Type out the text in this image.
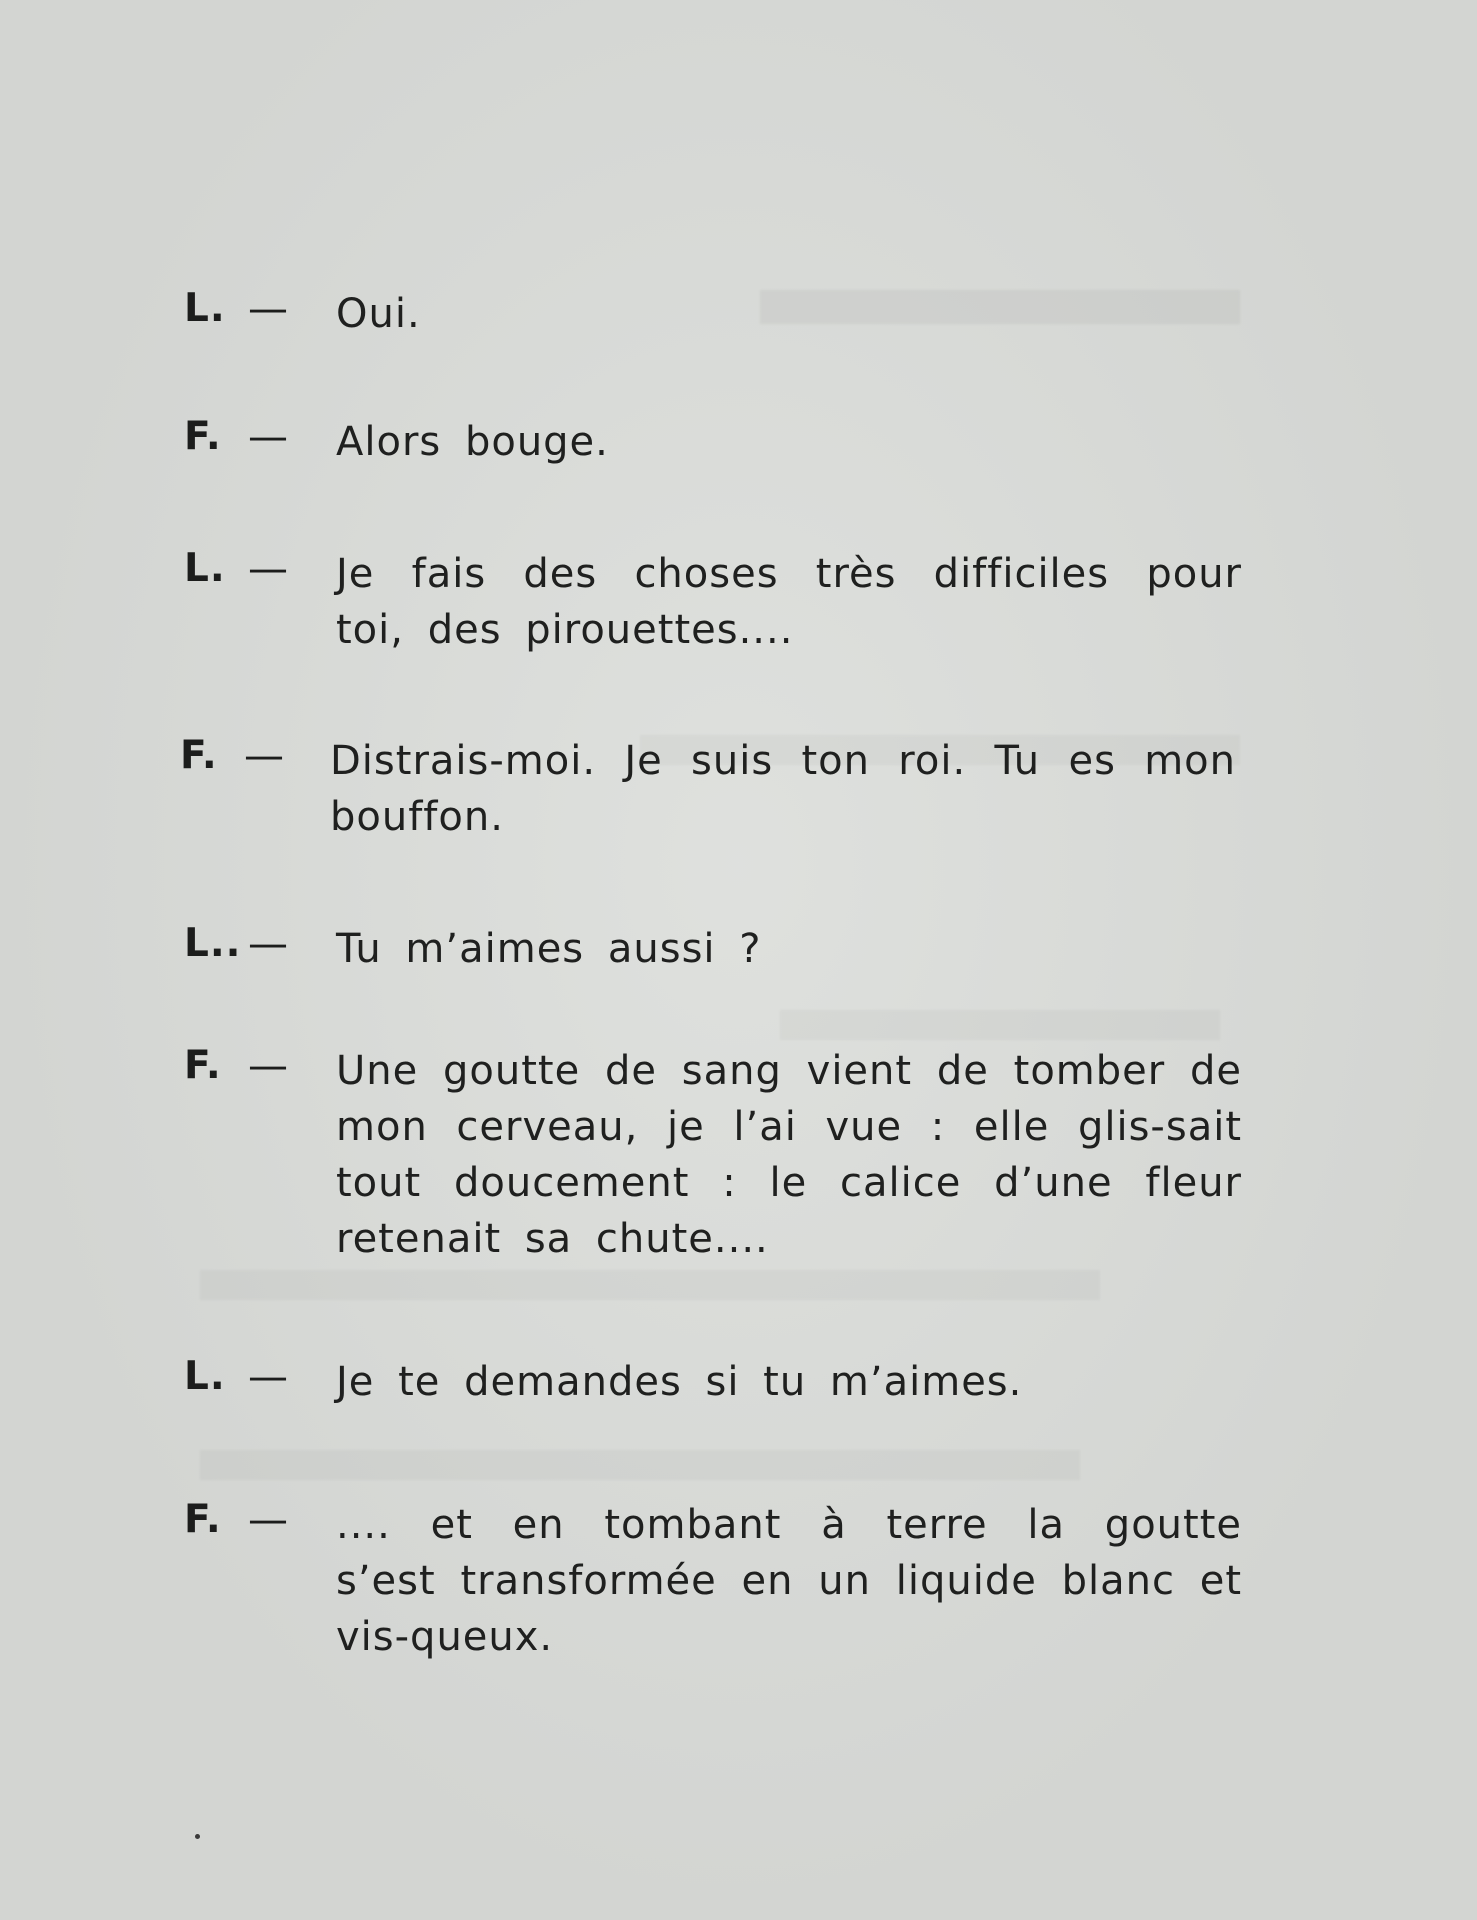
L. — Oui.
F. — Alors bouge.
L. — Je fais des choses très difficiles pour toi, des pirouettes....
F. — Distrais-moi. Je suis ton roi. Tu es mon bouffon.
L.. — Tu m’aimes aussi ?
F. — Une goutte de sang vient de tomber de mon cerveau, je l’ai vue : elle glis-sait tout doucement : le calice d’une fleur retenait sa chute....
L. — Je te demandes si tu m’aimes.
F. — .... et en tombant à terre la goutte s’est transformée en un liquide blanc et vis-queux.
